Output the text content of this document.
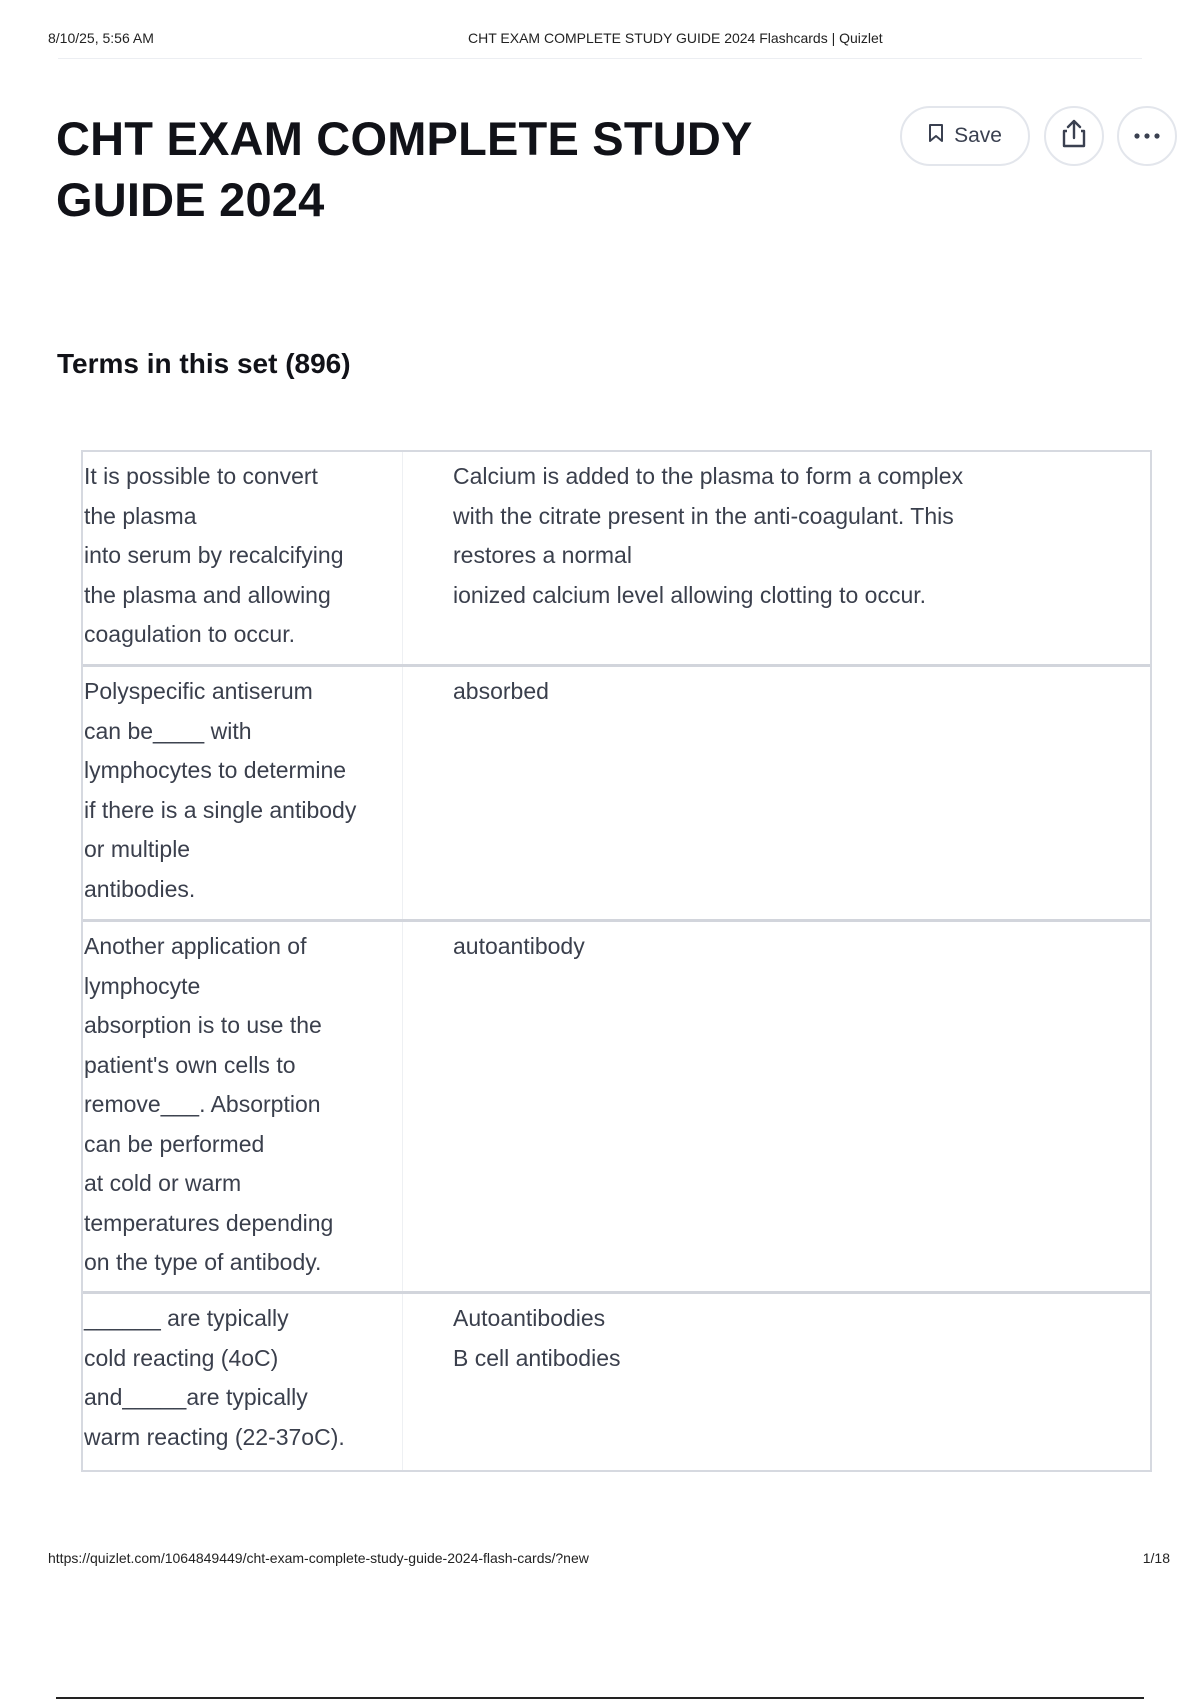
8/10/25, 5:56 AM	CHT EXAM COMPLETE STUDY GUIDE 2024 Flashcards | Quizlet
CHT EXAM COMPLETE STUDY
GUIDE 2024
Save
Terms in this set (896)
It is possible to convert
the plasma
into serum by recalcifying
the plasma and allowing
coagulation to occur.
Calcium is added to the plasma to form a complex
with the citrate present in the anti-coagulant. This
restores a normal
ionized calcium level allowing clotting to occur.
Polyspecific antiserum
can be____ with
lymphocytes to determine
if there is a single antibody
or multiple
antibodies.
absorbed
Another application of
lymphocyte
absorption is to use the
patient's own cells to
remove___. Absorption
can be performed
at cold or warm
temperatures depending
on the type of antibody.
autoantibody
______ are typically
cold reacting (4oC)
and_____are typically
warm reacting (22-37oC).
Autoantibodies
B cell antibodies
https://quizlet.com/1064849449/cht-exam-complete-study-guide-2024-flash-cards/?new	1/18
